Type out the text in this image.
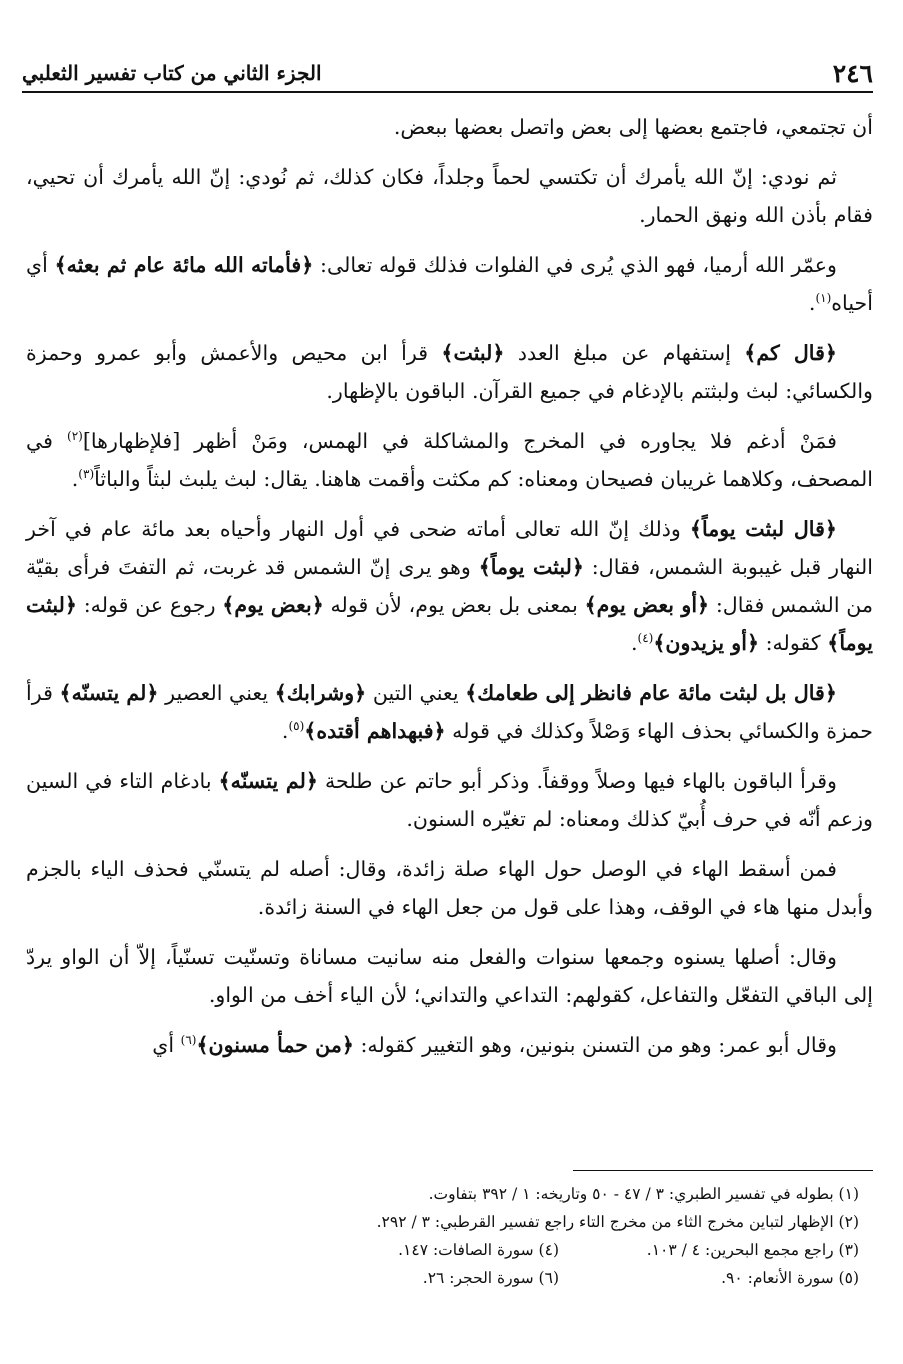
٢٤٦
الجزء الثاني من كتاب تفسير الثعلبي

أن تجتمعي، فاجتمع بعضها إلى بعض واتصل بعضها ببعض.

ثم نودي: إنّ الله يأمرك أن تكتسي لحماً وجلداً، فكان كذلك، ثم نُودي: إنّ الله يأمرك أن تحيي، فقام بأذن الله ونهق الحمار.

وعمّر الله أرميا، فهو الذي يُرى في الفلوات فذلك قوله تعالى: ﴿فأماته الله مائة عام ثم بعثه﴾ أي أحياه$^{(١)}$.

﴿قال كم﴾ إستفهام عن مبلغ العدد ﴿لبثت﴾ قرأ ابن محيص والأعمش وأبو عمرو وحمزة والكسائي: لبث ولبثتم بالإدغام في جميع القرآن. الباقون بالإظهار.

فمَنْ أدغم فلا يجاوره في المخرج والمشاكلة في الهمس، ومَنْ أظهر [فلإظهارها]$^{(٢)}$ في المصحف، وكلاهما غريبان فصيحان ومعناه: كم مكثت وأقمت هاهنا. يقال: لبث يلبث لبثاً والباثاً$^{(٣)}$.

﴿قال لبثت يوماً﴾ وذلك إنّ الله تعالى أماته ضحى في أول النهار وأحياه بعد مائة عام في آخر النهار قبل غيبوبة الشمس، فقال: ﴿لبثت يوماً﴾ وهو يرى إنّ الشمس قد غربت، ثم التفتَ فرأى بقيّة من الشمس فقال: ﴿أو بعض يوم﴾ بمعنى بل بعض يوم، لأن قوله ﴿بعض يوم﴾ رجوع عن قوله: ﴿لبثت يوماً﴾ كقوله: ﴿أو يزيدون﴾$^{(٤)}$.

﴿قال بل لبثت مائة عام فانظر إلى طعامك﴾ يعني التين ﴿وشرابك﴾ يعني العصير ﴿لم يتسنّه﴾ قرأ حمزة والكسائي بحذف الهاء وَصْلاً وكذلك في قوله ﴿فبهداهم أقتده﴾$^{(٥)}$.

وقرأ الباقون بالهاء فيها وصلاً ووقفاً. وذكر أبو حاتم عن طلحة ﴿لم يتسنّه﴾ بادغام التاء في السين وزعم أنّه في حرف أُبيّ كذلك ومعناه: لم تغيّره السنون.

فمن أسقط الهاء في الوصل حول الهاء صلة زائدة، وقال: أصله لم يتسنّي فحذف الياء بالجزم وأبدل منها هاء في الوقف، وهذا على قول من جعل الهاء في السنة زائدة.

وقال: أصلها يسنوه وجمعها سنوات والفعل منه سانيت مساناة وتسنّيت تسنّياً، إلاّ أن الواو يردّ إلى الباقي التفعّل والتفاعل، كقولهم: التداعي والتداني؛ لأن الياء أخف من الواو.

وقال أبو عمر: وهو من التسنن بنونين، وهو التغيير كقوله: ﴿من حمأ مسنون﴾$^{(٦)}$ أي

(١) بطوله في تفسير الطبري: ٣ / ٤٧ - ٥٠ وتاريخه: ١ / ٣٩٢ بتفاوت.
(٢) الإظهار لتباين مخرج الثاء من مخرج التاء راجع تفسير القرطبي: ٣ / ٢٩٢.
(٣) راجع مجمع البحرين: ٤ / ١٠٣.
(٤) سورة الصافات: ١٤٧.
(٥) سورة الأنعام: ٩٠.
(٦) سورة الحجر: ٢٦.
